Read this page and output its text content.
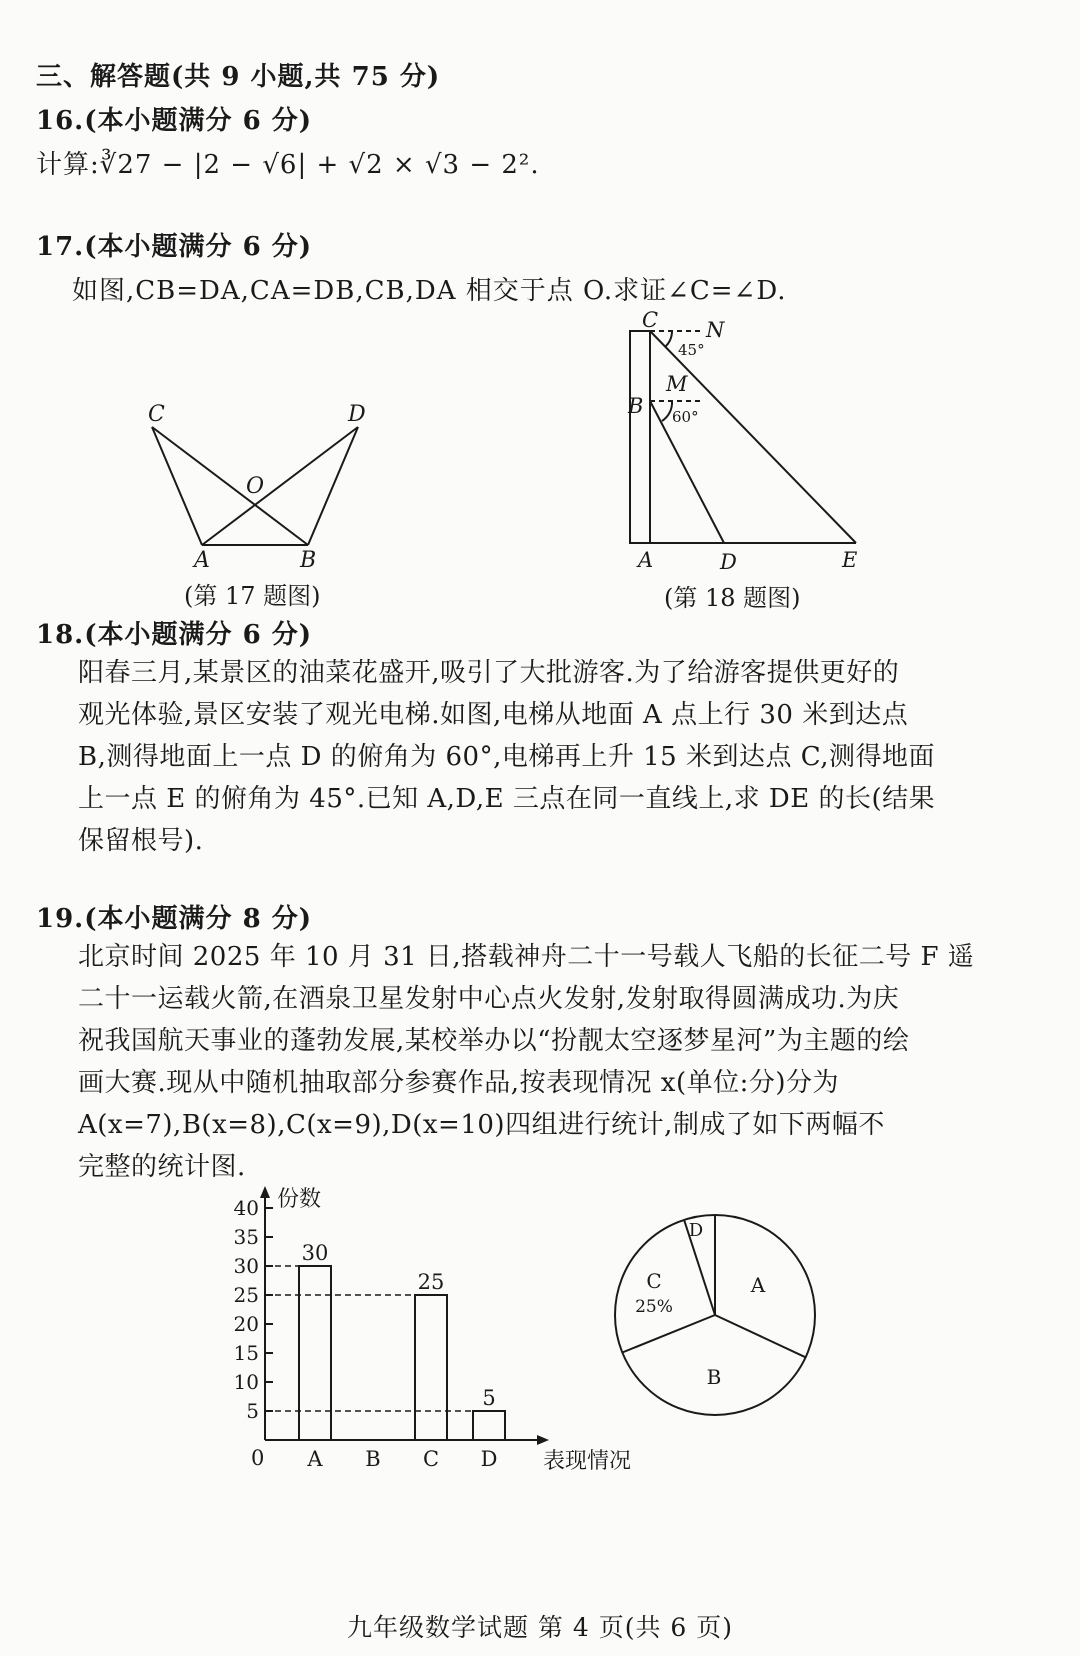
三、解答题(共 9 小题,共 75 分)
16.(本小题满分 6 分)
计算:∛27 − |2 − √6| + √2 × √3 − 2².
17.(本小题满分 6 分)
如图,CB=DA,CA=DB,CB,DA 相交于点 O.求证∠C=∠D.
C	D
O
A	B
(第 17 题图)
C N
M
B
A	D	E
45°
60°
(第 18 题图)
18.(本小题满分 6 分)

阳春三月,某景区的油菜花盛开,吸引了大批游客.为了给游客提供更好的

观光体验,景区安装了观光电梯.如图,电梯从地面 A 点上行 30 米到达点

B,测得地面上一点 D 的俯角为 60°,电梯再上升 15 米到达点 C,测得地面

上一点 E 的俯角为 45°.已知 A,D,E 三点在同一直线上,求 DE 的长(结果

保留根号).

19.(本小题满分 8 分)

北京时间 2025 年 10 月 31 日,搭载神舟二十一号载人飞船的长征二号 F 遥

二十一运载火箭,在酒泉卫星发射中心点火发射,发射取得圆满成功.为庆

祝我国航天事业的蓬勃发展,某校举办以“扮靓太空逐梦星河”为主题的绘

画大赛.现从中随机抽取部分参赛作品,按表现情况 x(单位:分)分为

A(x=7),B(x=8),C(x=9),D(x=10)四组进行统计,制成了如下两幅不

完整的统计图.

份数
表现情况
0
5
10
15
20
25
30
35
40
30
25
5
A B C D
A
B
C
25%
D
九年级数学试题 第 4 页(共 6 页)
